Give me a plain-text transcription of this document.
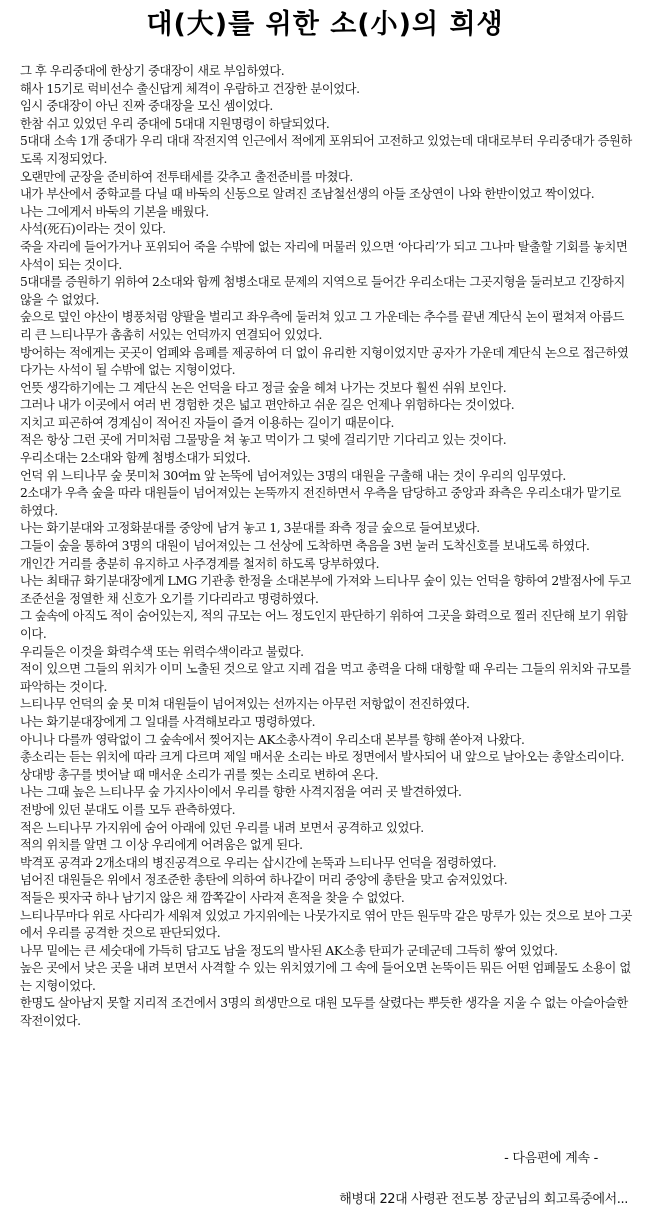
대(大)를 위한 소(小)의 희생

그 후 우리중대에 한상기 중대장이 새로 부임하였다.

해사 15기로 럭비선수 출신답게 체격이 우람하고 건장한 분이었다.

임시 중대장이 아닌 진짜 중대장을 모신 셈이었다.

한참 쉬고 있었던 우리 중대에 5대대 지원명령이 하달되었다.

5대대 소속 1개 중대가 우리 대대 작전지역 인근에서 적에게 포위되어 고전하고 있었는데 대대로부터 우리중대가 증원하도록 지정되었다.

오랜만에 군장을 준비하여 전투태세를 갖추고 출전준비를 마쳤다.

내가 부산에서 중학교를 다닐 때 바둑의 신동으로 알려진 조남철선생의 아들 조상연이 나와 한반이었고 짝이었다.

나는 그에게서 바둑의 기본을 배웠다.

사석(死石)이라는 것이 있다.

죽을 자리에 들어가거나 포위되어 죽을 수밖에 없는 자리에 머물러 있으면 ‘아다리’가 되고 그나마 탈출할 기회를 놓치면 사석이 되는 것이다.

5대대를 증원하기 위하여 2소대와 함께 첨병소대로 문제의 지역으로 들어간 우리소대는 그곳지형을 둘러보고 긴장하지 않을 수 없었다.

숲으로 덮인 야산이 병풍처럼 양팔을 벌리고 좌우측에 둘러쳐 있고 그 가운데는 추수를 끝낸 계단식 논이 펼쳐져 아름드리 큰 느티나무가 촘촘히 서있는 언덕까지 연결되어 있었다.

방어하는 적에게는 곳곳이 엄폐와 음폐를 제공하여 더 없이 유리한 지형이었지만 공자가 가운데 계단식 논으로 접근하였다가는 사석이 될 수밖에 없는 지형이었다.

언뜻 생각하기에는 그 계단식 논은 언덕을 타고 정글 숲을 헤쳐 나가는 것보다 훨씬 쉬워 보인다.

그러나 내가 이곳에서 여러 번 경험한 것은 넓고 편안하고 쉬운 길은 언제나 위험하다는 것이었다.

지치고 피곤하여 경계심이 적어진 자들이 즐겨 이용하는 길이기 때문이다.

적은 항상 그런 곳에 거미처럼 그물망을 쳐 놓고 먹이가 그 덫에 걸리기만 기다리고 있는 것이다.

우리소대는 2소대와 함께 첨병소대가 되었다.

언덕 위 느티나무 숲 못미처 30여m 앞 논뚝에 넘어져있는 3명의 대원을 구출해 내는 것이 우리의 임무였다.

2소대가 우측 숲을 따라 대원들이 넘어져있는 논뚝까지 전진하면서 우측을 담당하고 중앙과 좌측은 우리소대가 맡기로 하였다.

나는 화기분대와 고정화분대를 중앙에 남겨 놓고 1, 3분대를 좌측 정글 숲으로 들여보냈다.

그들이 숲을 통하여 3명의 대원이 넘어져있는 그 선상에 도착하면 축음을 3번 눌러 도착신호를 보내도록 하였다.

개인간 거리를 충분히 유지하고 사주경계를 철저히 하도록 당부하였다.

나는 최태규 화기분대장에게 LMG 기관총 한정을 소대본부에 가져와 느티나무 숲이 있는 언덕을 향하여 2발점사에 두고 조준선을 정열한 채 신호가 오기를 기다리라고 명령하였다.

그 숲속에 아직도 적이 숨어있는지, 적의 규모는 어느 정도인지 판단하기 위하여 그곳을 화력으로 찔러 진단해 보기 위함이다.

우리들은 이것을 화력수색 또는 위력수색이라고 불렀다.

적이 있으면 그들의 위치가 이미 노출된 것으로 알고 지레 겁을 먹고 총력을 다해 대항할 때 우리는 그들의 위치와 규모를 파악하는 것이다.

느티나무 언덕의 숲 못 미쳐 대원들이 넘어져있는 선까지는 아무런 저항없이 전진하였다.

나는 화기분대장에게 그 일대를 사격해보라고 명령하였다.

아니나 다를까 영락없이 그 숲속에서 찢어지는 AK소총사격이 우리소대 본부를 향해 쏟아져 나왔다.

총소리는 듣는 위치에 따라 크게 다르며 제일 매서운 소리는 바로 정면에서 발사되어 내 앞으로 날아오는 총알소리이다.

상대방 총구를 벗어날 때 매서운 소리가 귀를 찢는 소리로 변하여 온다.

나는 그때 높은 느티나무 숲 가지사이에서 우리를 향한 사격지점을 여러 곳 발견하였다.

전방에 있던 분대도 이를 모두 관측하였다.

적은 느티나무 가지위에 숨어 아래에 있던 우리를 내려 보면서 공격하고 있었다.

적의 위치를 알면 그 이상 우리에게 어려움은 없게 된다.

박격포 공격과 2개소대의 병진공격으로 우리는 삽시간에 논뚝과 느티나무 언덕을 점령하였다.

넘어진 대원들은 위에서 정조준한 총탄에 의하여 하나같이 머리 중앙에 총탄을 맞고 숨져있었다.

적들은 핏자국 하나 남기지 않은 채 깜쪽같이 사라져 흔적을 찾을 수 없었다.

느티나무마다 위로 사다리가 세워져 있었고 가지위에는 나뭇가지로 엮어 만든 원두막 같은 망루가 있는 것으로 보아 그곳에서 우리를 공격한 것으로 판단되었다.

나무 밑에는 큰 세숫대에 가득히 담고도 남을 정도의 발사된 AK소총 탄피가 군데군데 그득히 쌓여 있었다.

높은 곳에서 낮은 곳을 내려 보면서 사격할 수 있는 위치였기에 그 속에 들어오면 논뚝이든 뭐든 어떤 엄폐물도 소용이 없는 지형이었다.

한명도 살아남지 못할 지리적 조건에서 3명의 희생만으로 대원 모두를 살렸다는 뿌듯한 생각을 지울 수 없는 아슬아슬한 작전이었다.

- 다음편에 계속 -
해병대 22대 사령관 전도봉 장군님의 회고록중에서...
